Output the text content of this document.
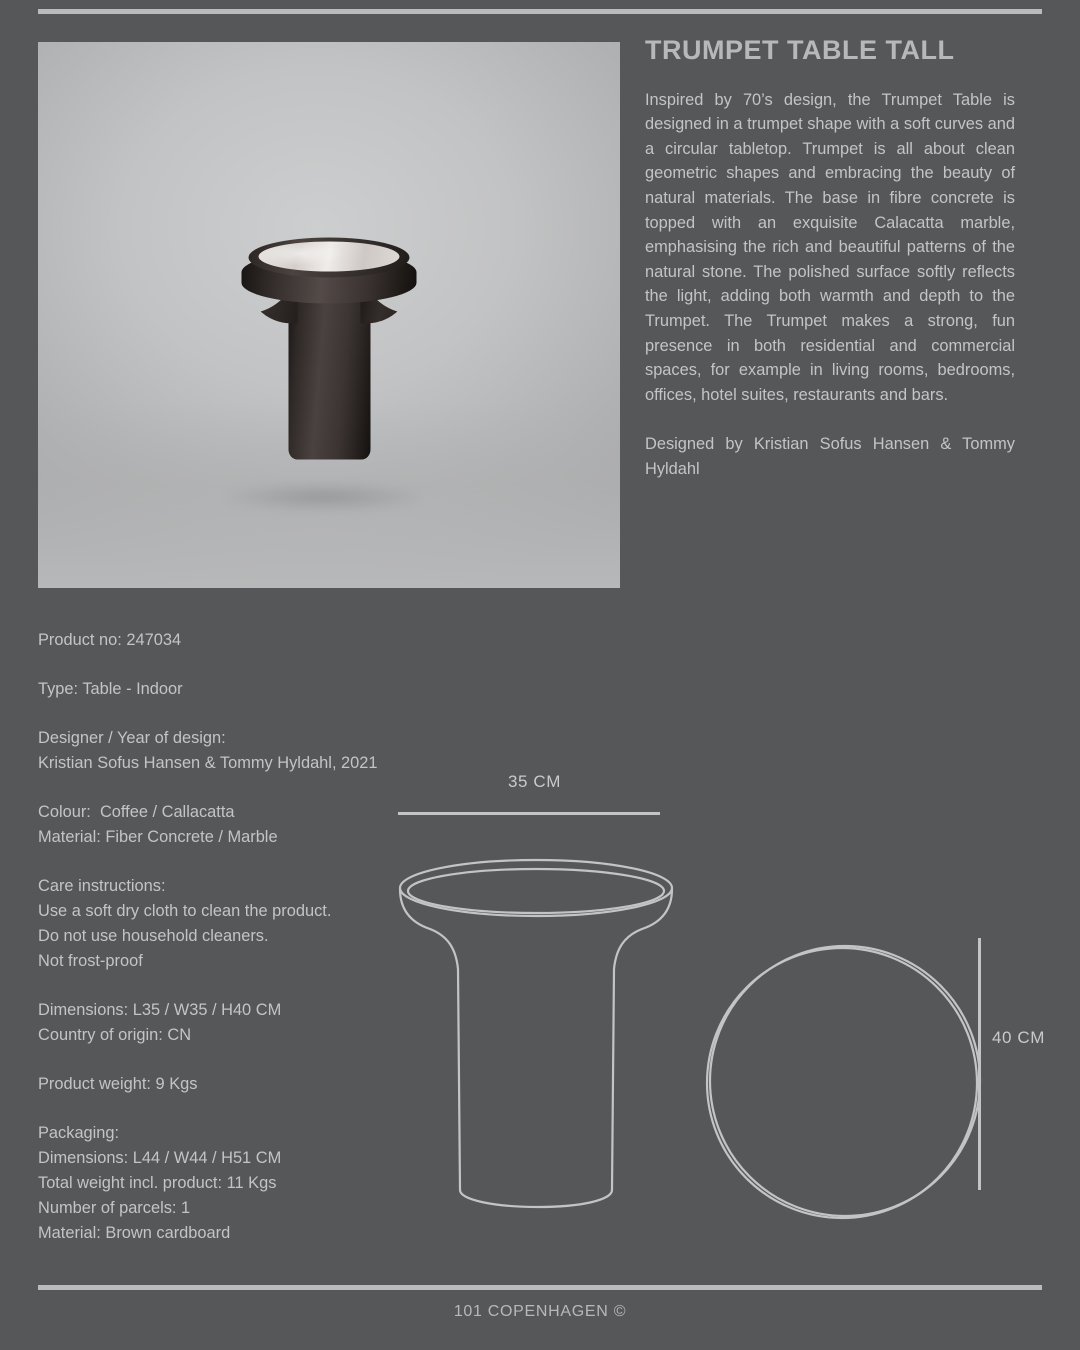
TRUMPET TABLE TALL
Inspired by 70’s design, the Trumpet Table is designed in a trumpet shape with a soft curves and a circular tabletop. Trumpet is all about clean geometric shapes and embracing the beauty of natural materials. The base in fibre concrete is topped with an exquisite Calacatta marble, emphasising the rich and beautiful patterns of the natural stone. The polished surface softly reflects the light, adding both warmth and depth to the Trumpet. The Trumpet makes a strong, fun presence in both residential and commercial spaces, for example in living rooms, bedrooms, offices, hotel suites, restaurants and bars.
Designed by Kristian Sofus Hansen & Tommy Hyldahl
Product no: 247034
Type: Table - Indoor
Designer / Year of design:
Kristian Sofus Hansen & Tommy Hyldahl, 2021
Colour:  Coffee / Callacatta
Material: Fiber Concrete / Marble
Care instructions:
Use a soft dry cloth to clean the product.
Do not use household cleaners.
Not frost-proof
Dimensions: L35 / W35 / H40 CM
Country of origin: CN
Product weight: 9 Kgs
Packaging:
Dimensions: L44 / W44 / H51 CM
Total weight incl. product: 11 Kgs
Number of parcels: 1
Material: Brown cardboard
35 CM
40 CM
101 COPENHAGEN ©
